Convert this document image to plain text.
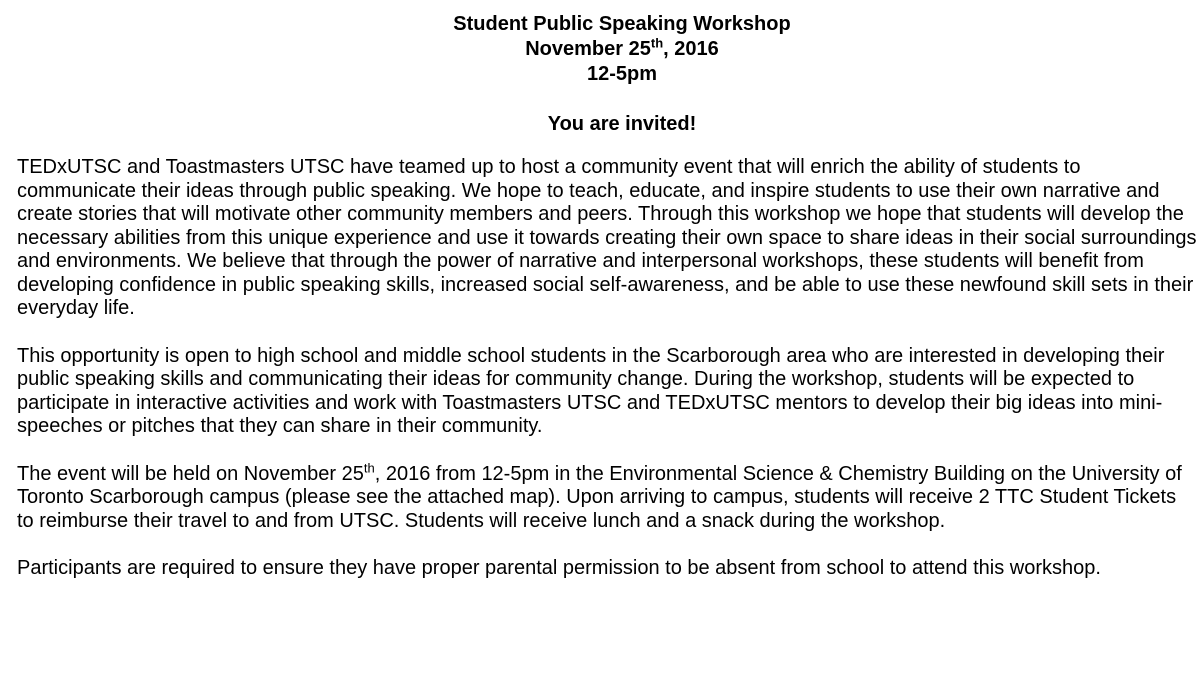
Student Public Speaking Workshop
November 25th, 2016
12-5pm
You are invited!

TEDxUTSC and Toastmasters UTSC have teamed up to host a community event that will enrich the ability of students to communicate their ideas through public speaking. We hope to teach, educate, and inspire students to use their own narrative and create stories that will motivate other community members and peers. Through this workshop we hope that students will develop the necessary abilities from this unique experience and use it towards creating their own space to share ideas in their social surroundings and environments. We believe that through the power of narrative and interpersonal workshops, these students will benefit from developing confidence in public speaking skills, increased social self-awareness, and be able to use these newfound skill sets in their everyday life.

This opportunity is open to high school and middle school students in the Scarborough area who are interested in developing their public speaking skills and communicating their ideas for community change. During the workshop, students will be expected to participate in interactive activities and work with Toastmasters UTSC and TEDxUTSC mentors to develop their big ideas into mini-speeches or pitches that they can share in their community.

The event will be held on November 25th, 2016 from 12-5pm in the Environmental Science & Chemistry Building on the University of Toronto Scarborough campus (please see the attached map). Upon arriving to campus, students will receive 2 TTC Student Tickets to reimburse their travel to and from UTSC. Students will receive lunch and a snack during the workshop.

Participants are required to ensure they have proper parental permission to be absent from school to attend this workshop.
